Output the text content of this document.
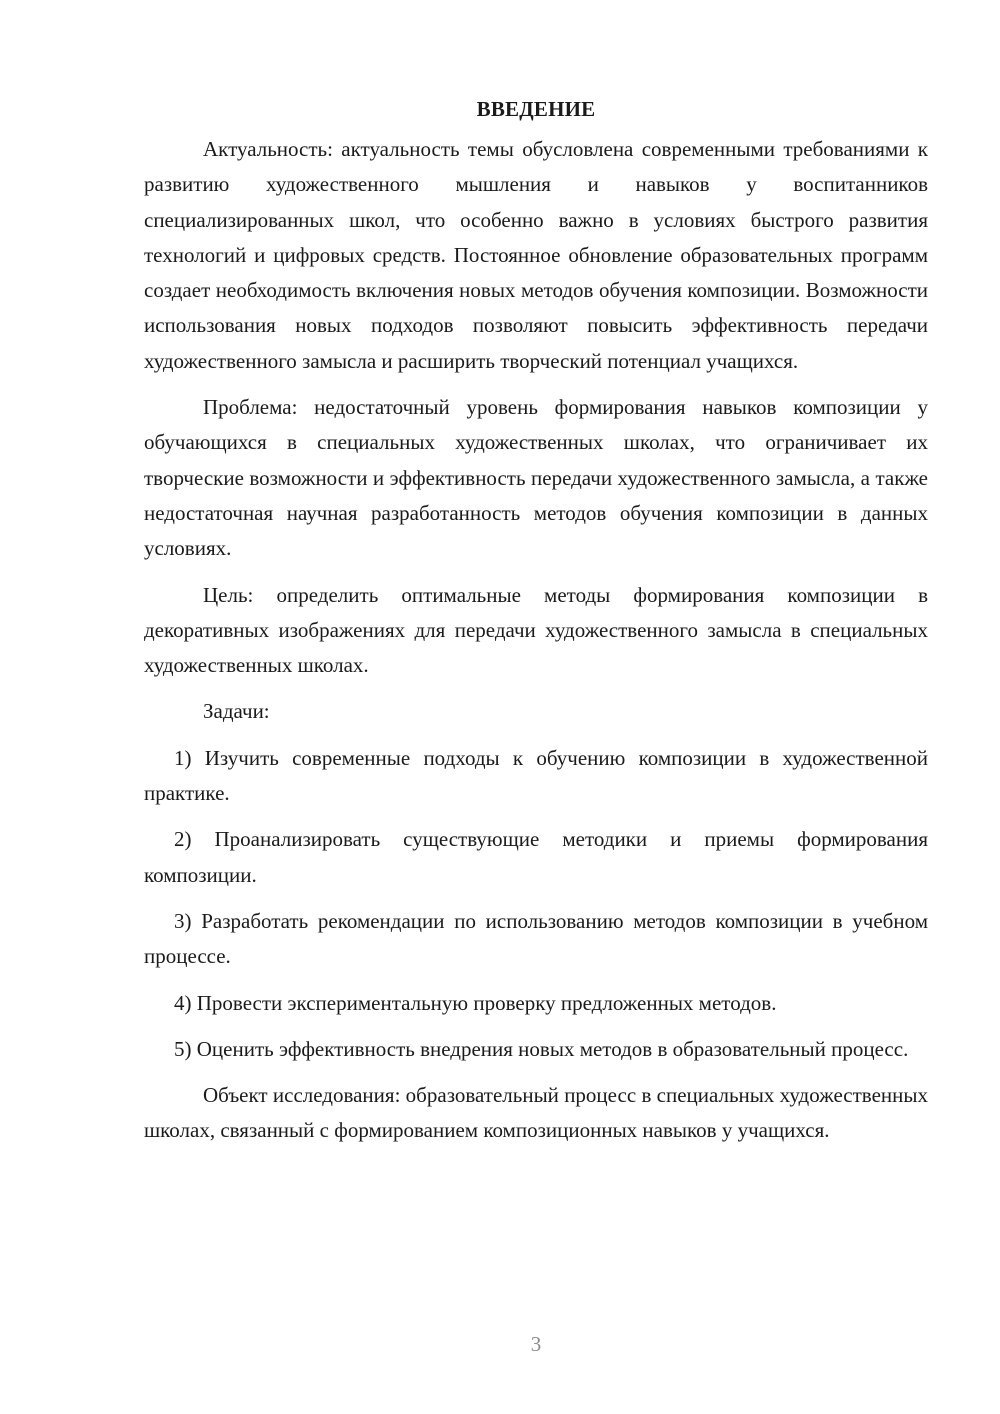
ВВЕДЕНИЕ

Актуальность: актуальность темы обусловлена современными требованиями к развитию художественного мышления и навыков у воспитанников специализированных школ, что особенно важно в условиях быстрого развития технологий и цифровых средств. Постоянное обновление образовательных программ создает необходимость включения новых методов обучения композиции. Возможности использования новых подходов позволяют повысить эффективность передачи художественного замысла и расширить творческий потенциал учащихся.

Проблема: недостаточный уровень формирования навыков композиции у обучающихся в специальных художественных школах, что ограничивает их творческие возможности и эффективность передачи художественного замысла, а также недостаточная научная разработанность методов обучения композиции в данных условиях.

Цель: определить оптимальные методы формирования композиции в декоративных изображениях для передачи художественного замысла в специальных художественных школах.

Задачи:

1) Изучить современные подходы к обучению композиции в художественной практике.

2) Проанализировать существующие методики и приемы формирования композиции.

3) Разработать рекомендации по использованию методов композиции в учебном процессе.

4) Провести экспериментальную проверку предложенных методов.

5) Оценить эффективность внедрения новых методов в образовательный процесс.

Объект исследования: образовательный процесс в специальных художественных школах, связанный с формированием композиционных навыков у учащихся.

3
